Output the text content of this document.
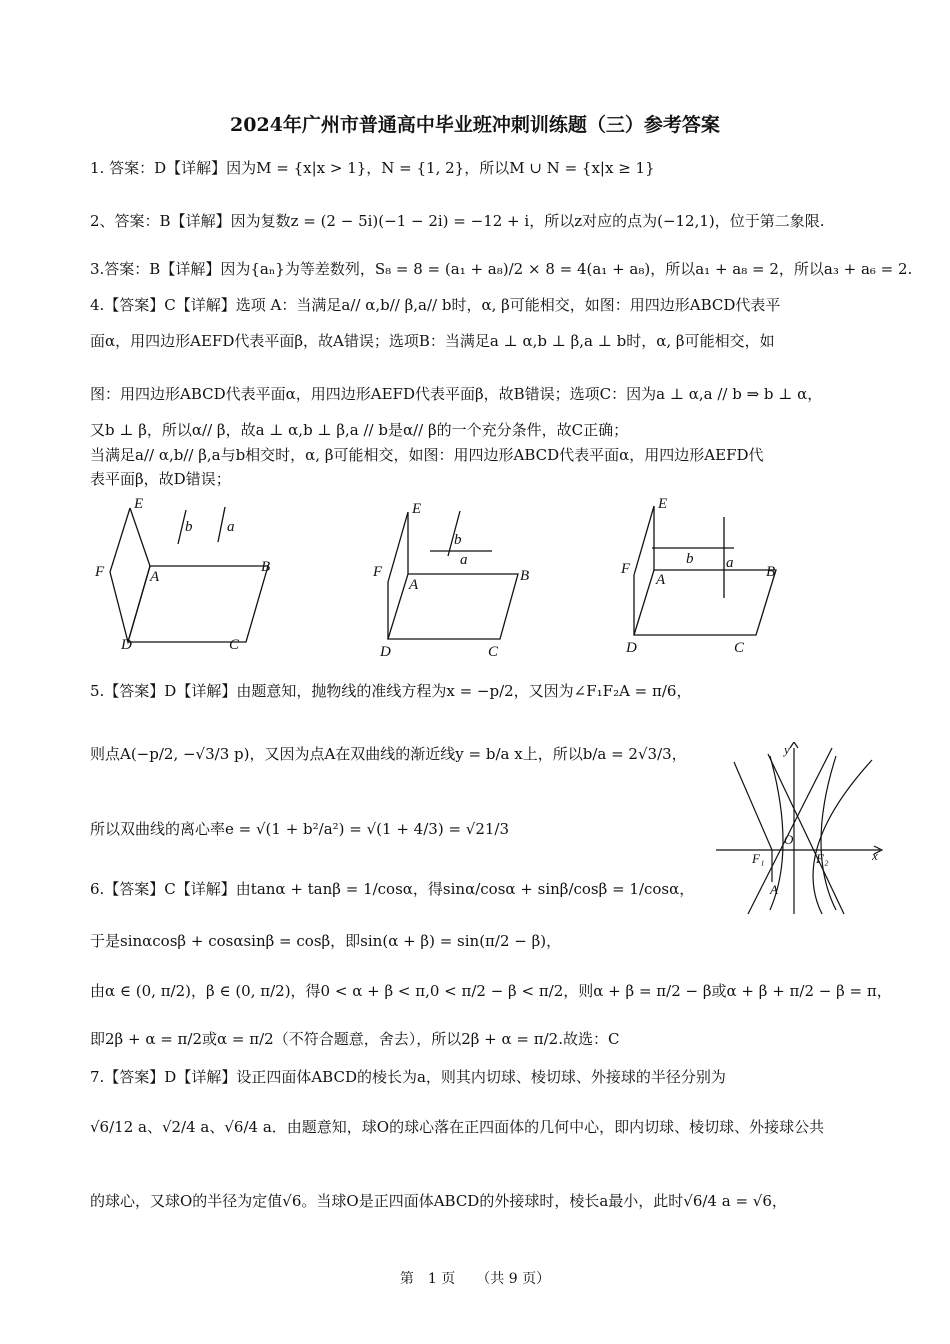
2024年广州市普通高中毕业班冲刺训练题（三）参考答案
1. 答案：D【详解】因为M = {x|x > 1}，N = {1, 2}，所以M ∪ N = {x|x ≥ 1}
2、答案：B【详解】因为复数z = (2 − 5i)(−1 − 2i) = −12 + i，所以z对应的点为(−12,1)，位于第二象限.
3.答案：B【详解】因为{aₙ}为等差数列，S₈ = 8 = (a₁ + a₈)/2 × 8 = 4(a₁ + a₈)，所以a₁ + a₈ = 2，所以a₃ + a₆ = 2.
4.【答案】C【详解】选项 A：当满足a// α,b// β,a// b时，α, β可能相交，如图：用四边形ABCD代表平
面α，用四边形AEFD代表平面β，故A错误；选项B：当满足a ⊥ α,b ⊥ β,a ⊥ b时，α, β可能相交，如
图：用四边形ABCD代表平面α，用四边形AEFD代表平面β，故B错误；选项C：因为a ⊥ α,a // b ⇒ b ⊥ α，
又b ⊥ β，所以α// β，故a ⊥ α,b ⊥ β,a // b是α// β的一个充分条件，故C正确；
当满足a// α,b// β,a与b相交时，α, β可能相交，如图：用四边形ABCD代表平面α，用四边形AEFD代
表平面β，故D错误；
E
F	A
B
C
D
b a
E
F
A
B
C
D
b
a
E
F
A	B
C
D
b a
5.【答案】D【详解】由题意知，抛物线的准线方程为x = −p/2，又因为∠F₁F₂A = π/6，
则点A(−p/2, −√3/3 p)，又因为点A在双曲线的渐近线y = b/a x上，所以b/a = 2√3/3，
所以双曲线的离心率e = √(1 + b²/a²) = √(1 + 4/3) = √21/3
O
y
x
F₁	F₂
A
6.【答案】C【详解】由tanα + tanβ = 1/cosα，得sinα/cosα + sinβ/cosβ = 1/cosα，
于是sinαcosβ + cosαsinβ = cosβ，即sin(α + β) = sin(π/2 − β)，
由α ∈ (0, π/2)，β ∈ (0, π/2)，得0 < α + β < π,0 < π/2 − β < π/2，则α + β = π/2 − β或α + β + π/2 − β = π，
即2β + α = π/2或α = π/2（不符合题意，舍去），所以2β + α = π/2.故选：C
7.【答案】D【详解】设正四面体ABCD的棱长为a，则其内切球、棱切球、外接球的半径分别为
√6/12 a、√2/4 a、√6/4 a．由题意知，球O的球心落在正四面体的几何中心，即内切球、棱切球、外接球公共
的球心，又球O的半径为定值√6。当球O是正四面体ABCD的外接球时，棱长a最小，此时√6/4 a = √6，
第　1 页　　（共 9 页）
